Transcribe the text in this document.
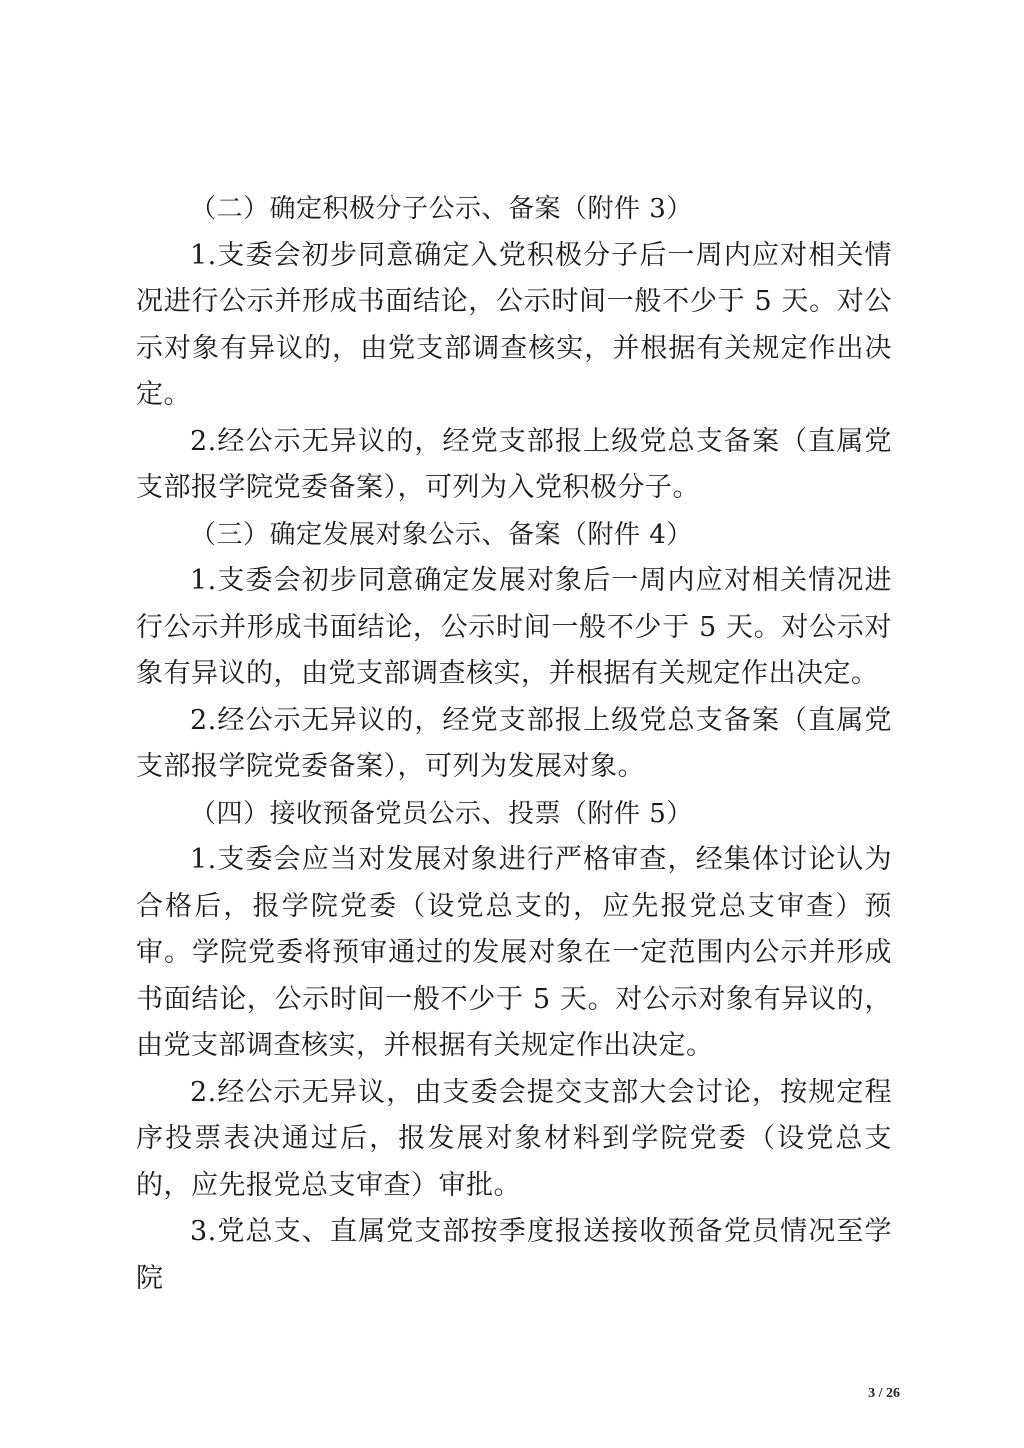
（二）确定积极分子公示、备案（附件 3）

1.支委会初步同意确定入党积极分子后一周内应对相关情况进行公示并形成书面结论，公示时间一般不少于 5 天。对公示对象有异议的，由党支部调查核实，并根据有关规定作出决定。

2.经公示无异议的，经党支部报上级党总支备案（直属党支部报学院党委备案），可列为入党积极分子。

（三）确定发展对象公示、备案（附件 4）

1.支委会初步同意确定发展对象后一周内应对相关情况进行公示并形成书面结论，公示时间一般不少于 5 天。对公示对象有异议的，由党支部调查核实，并根据有关规定作出决定。

2.经公示无异议的，经党支部报上级党总支备案（直属党支部报学院党委备案），可列为发展对象。

（四）接收预备党员公示、投票（附件 5）

1.支委会应当对发展对象进行严格审查，经集体讨论认为合格后，报学院党委（设党总支的，应先报党总支审查）预审。学院党委将预审通过的发展对象在一定范围内公示并形成书面结论，公示时间一般不少于 5 天。对公示对象有异议的，由党支部调查核实，并根据有关规定作出决定。

2.经公示无异议，由支委会提交支部大会讨论，按规定程序投票表决通过后，报发展对象材料到学院党委（设党总支的，应先报党总支审查）审批。

3.党总支、直属党支部按季度报送接收预备党员情况至学院

3 / 26
